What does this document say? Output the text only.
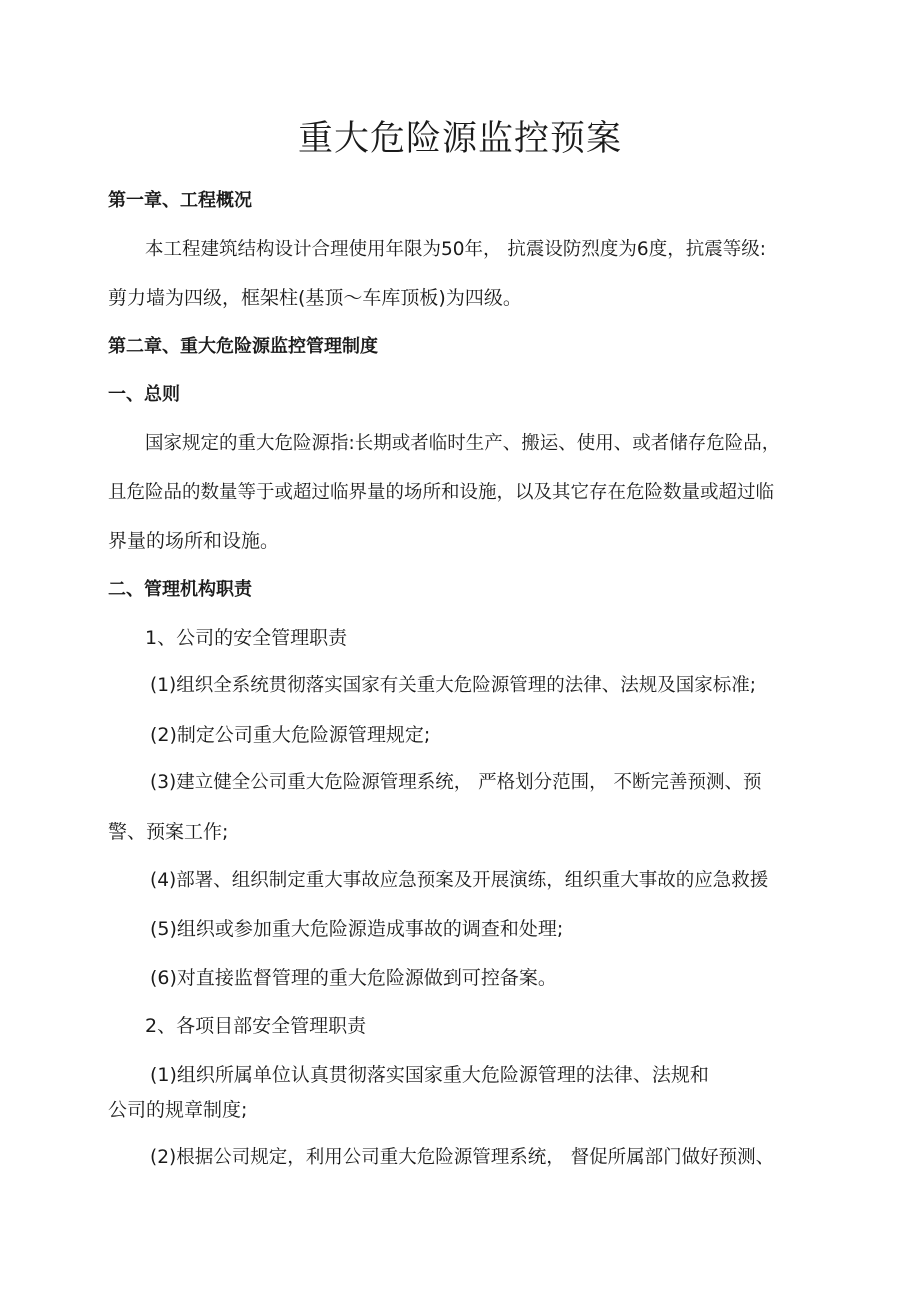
重大危险源监控预案
第一章、工程概况
本工程建筑结构设计合理使用年限为50年， 抗震设防烈度为6度，抗震等级:
剪力墙为四级，框架柱(基顶〜车库顶板)为四级。
第二章、重大危险源监控管理制度
一、总则
国家规定的重大危险源指:长期或者临时生产、搬运、使用、或者储存危险品，
且危险品的数量等于或超过临界量的场所和设施，以及其它存在危险数量或超过临
界量的场所和设施。
二、管理机构职责
1、公司的安全管理职责
(1)组织全系统贯彻落实国家有关重大危险源管理的法律、法规及国家标准;
(2)制定公司重大危险源管理规定;
(3)建立健全公司重大危险源管理系统， 严格划分范围， 不断完善预测、预
警、预案工作;
(4)部署、组织制定重大事故应急预案及开展演练，组织重大事故的应急救援
(5)组织或参加重大危险源造成事故的调查和处理;
(6)对直接监督管理的重大危险源做到可控备案。
2、各项目部安全管理职责
(1)组织所属单位认真贯彻落实国家重大危险源管理的法律、法规和
公司的规章制度;
(2)根据公司规定，利用公司重大危险源管理系统， 督促所属部门做好预测、
